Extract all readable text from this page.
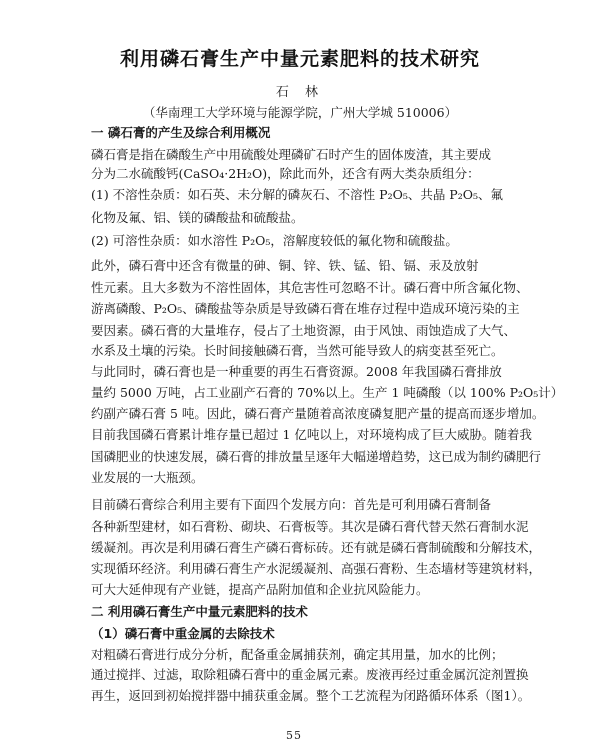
利用磷石膏生产中量元素肥料的技术研究
石 林
（华南理工大学环境与能源学院，广州大学城 510006）
一 磷石膏的产生及综合利用概况
磷石膏是指在磷酸生产中用硫酸处理磷矿石时产生的固体废渣，其主要成
分为二水硫酸钙(CaSO₄·2H₂O)，除此而外，还含有两大类杂质组分：
(1) 不溶性杂质：如石英、未分解的磷灰石、不溶性 P₂O₅、共晶 P₂O₅、氟
化物及氟、铝、镁的磷酸盐和硫酸盐。
(2) 可溶性杂质：如水溶性 P₂O₅，溶解度较低的氟化物和硫酸盐。
此外，磷石膏中还含有微量的砷、铜、锌、铁、锰、铅、镉、汞及放射
性元素。且大多数为不溶性固体，其危害性可忽略不计。磷石膏中所含氟化物、
游离磷酸、P₂O₅、磷酸盐等杂质是导致磷石膏在堆存过程中造成环境污染的主
要因素。磷石膏的大量堆存，侵占了土地资源，由于风蚀、雨蚀造成了大气、
水系及土壤的污染。长时间接触磷石膏，当然可能导致人的病变甚至死亡。
与此同时，磷石膏也是一种重要的再生石膏资源。2008 年我国磷石膏排放
量约 5000 万吨，占工业副产石膏的 70%以上。生产 1 吨磷酸（以 100% P₂O₅计）
约副产磷石膏 5 吨。因此，磷石膏产量随着高浓度磷复肥产量的提高而逐步增加。
目前我国磷石膏累计堆存量已超过 1 亿吨以上，对环境构成了巨大威胁。随着我
国磷肥业的快速发展，磷石膏的排放量呈逐年大幅递增趋势，这已成为制约磷肥行
业发展的一大瓶颈。
目前磷石膏综合利用主要有下面四个发展方向：首先是可利用磷石膏制备
各种新型建材，如石膏粉、砌块、石膏板等。其次是磷石膏代替天然石膏制水泥
缓凝剂。再次是利用磷石膏生产磷石膏标砖。还有就是磷石膏制硫酸和分解技术，
实现循环经济。利用磷石膏生产水泥缓凝剂、高强石膏粉、生态墙材等建筑材料，
可大大延伸现有产业链，提高产品附加值和企业抗风险能力。
二 利用磷石膏生产中量元素肥料的技术
（1）磷石膏中重金属的去除技术
对粗磷石膏进行成分分析，配备重金属捕获剂，确定其用量，加水的比例；
通过搅拌、过滤，取除粗磷石膏中的重金属元素。废液再经过重金属沉淀剂置换
再生，返回到初始搅拌器中捕获重金属。整个工艺流程为闭路循环体系（图1）。
55
